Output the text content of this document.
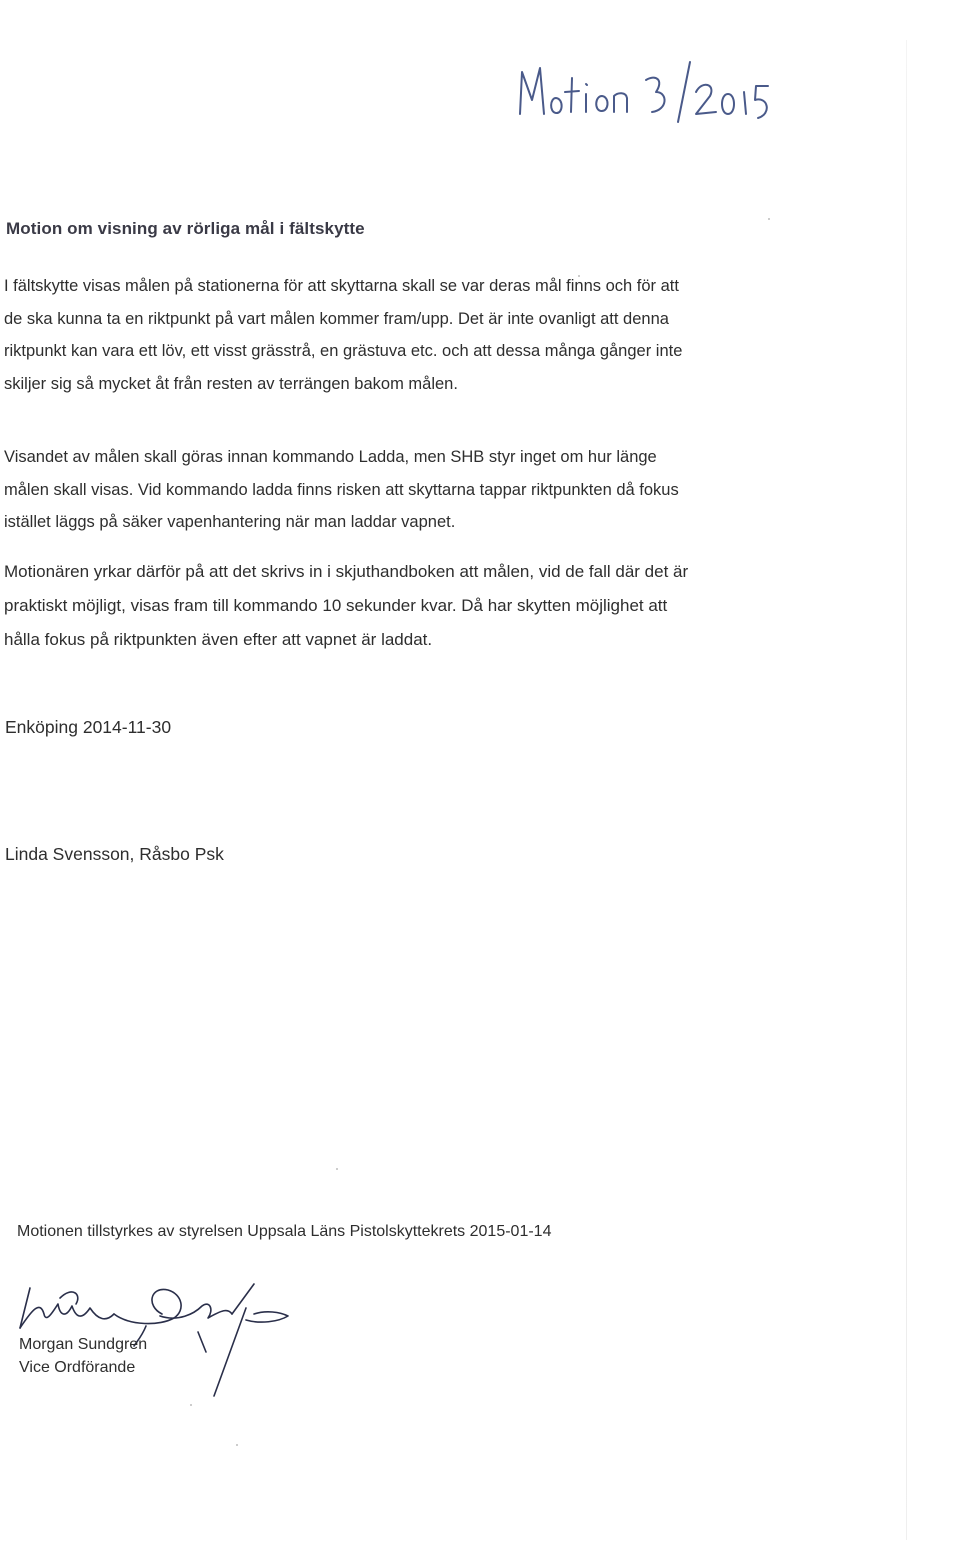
Motion om visning av rörliga mål i fältskytte

I fältskytte visas målen på stationerna för att skyttarna skall se var deras mål finns och för att
de ska kunna ta en riktpunkt på vart målen kommer fram/upp. Det är inte ovanligt att denna
riktpunkt kan vara ett löv, ett visst grässtrå, en grästuva etc. och att dessa många gånger inte
skiljer sig så mycket åt från resten av terrängen bakom målen.

Visandet av målen skall göras innan kommando Ladda, men SHB styr inget om hur länge
målen skall visas. Vid kommando ladda finns risken att skyttarna tappar riktpunkten då fokus
istället läggs på säker vapenhantering när man laddar vapnet.

Motionären yrkar därför på att det skrivs in i skjuthandboken att målen, vid de fall där det är
praktiskt möjligt, visas fram till kommando 10 sekunder kvar. Då har skytten möjlighet att
hålla fokus på riktpunkten även efter att vapnet är laddat.

Enköping 2014-11-30
Linda Svensson, Råsbo Psk
Motionen tillstyrkes av styrelsen Uppsala Läns Pistolskyttekrets 2015-01-14
Morgan Sundgren
Vice Ordförande
